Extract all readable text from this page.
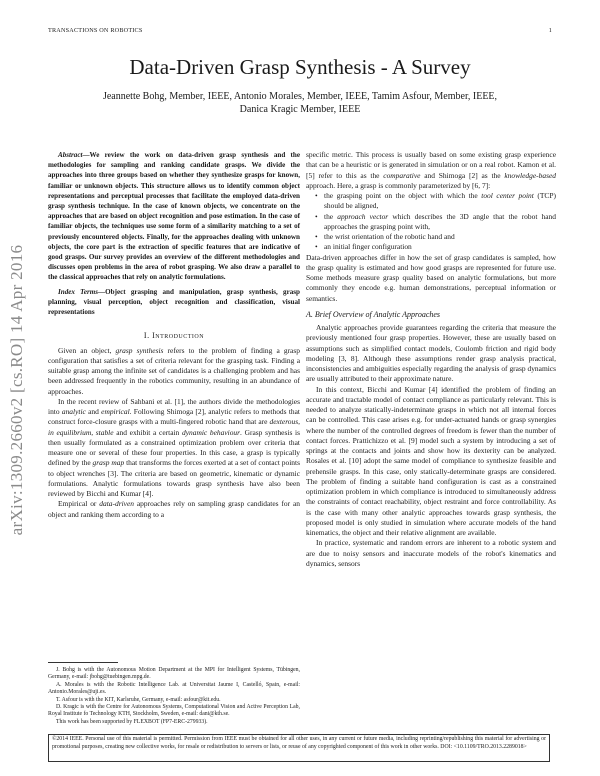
TRANSACTIONS ON ROBOTICS	1
Data-Driven Grasp Synthesis - A Survey
Jeannette Bohg, Member, IEEE, Antonio Morales, Member, IEEE, Tamim Asfour, Member, IEEE,
Danica Kragic Member, IEEE
arXiv:1309.2660v2 [cs.RO] 14 Apr 2016
Abstract—We review the work on data-driven grasp synthesis and the methodologies for sampling and ranking candidate grasps. We divide the approaches into three groups based on whether they synthesize grasps for known, familiar or unknown objects. This structure allows us to identify common object representations and perceptual processes that facilitate the employed data-driven grasp synthesis technique. In the case of known objects, we concentrate on the approaches that are based on object recognition and pose estimation. In the case of familiar objects, the techniques use some form of a similarity matching to a set of previously encountered objects. Finally, for the approaches dealing with unknown objects, the core part is the extraction of specific features that are indicative of good grasps. Our survey provides an overview of the different methodologies and discusses open problems in the area of robot grasping. We also draw a parallel to the classical approaches that rely on analytic formulations.
Index Terms—Object grasping and manipulation, grasp synthesis, grasp planning, visual perception, object recognition and classification, visual representations
I. Introduction

Given an object, grasp synthesis refers to the problem of finding a grasp configuration that satisfies a set of criteria relevant for the grasping task. Finding a suitable grasp among the infinite set of candidates is a challenging problem and has been addressed frequently in the robotics community, resulting in an abundance of approaches.

In the recent review of Sahbani et al. [1], the authors divide the methodologies into analytic and empirical. Following Shimoga [2], analytic refers to methods that construct force-closure grasps with a multi-fingered robotic hand that are dexterous, in equilibrium, stable and exhibit a certain dynamic behaviour. Grasp synthesis is then usually formulated as a constrained optimization problem over criteria that measure one or several of these four properties. In this case, a grasp is typically defined by the grasp map that transforms the forces exerted at a set of contact points to object wrenches [3]. The criteria are based on geometric, kinematic or dynamic formulations. Analytic formulations towards grasp synthesis have also been reviewed by Bicchi and Kumar [4].

Empirical or data-driven approaches rely on sampling grasp candidates for an object and ranking them according to a

J. Bohg is with the Autonomous Motion Department at the MPI for Intelligent Systems, Tübingen, Germany, e-mail: jbohg@tuebingen.mpg.de.

A. Morales is with the Robotic Intelligence Lab. at Universitat Jaume I, Castelló, Spain, e-mail: Antonio.Morales@uji.es.

T. Asfour is with the KIT, Karlsruhe, Germany, e-mail: asfour@kit.edu.

D. Kragic is with the Centre for Autonomous Systems, Computational Vision and Active Perception Lab, Royal Institute fo Technology KTH, Stockholm, Sweden, e-mail: dani@kth.se.

This work has been supported by FLEXBOT (FP7-ERC-279933).

specific metric. This process is usually based on some existing grasp experience that can be a heuristic or is generated in simulation or on a real robot. Kamon et al. [5] refer to this as the comparative and Shimoga [2] as the knowledge-based approach. Here, a grasp is commonly parameterized by [6, 7]:

• the grasping point on the object with which the tool center point (TCP) should be aligned,
• the approach vector which describes the 3D angle that the robot hand approaches the grasping point with,
• the wrist orientation of the robotic hand and
• an initial finger configuration

Data-driven approaches differ in how the set of grasp candidates is sampled, how the grasp quality is estimated and how good grasps are represented for future use. Some methods measure grasp quality based on analytic formulations, but more commonly they encode e.g. human demonstrations, perceptual information or semantics.

A. Brief Overview of Analytic Approaches

Analytic approaches provide guarantees regarding the criteria that measure the previously mentioned four grasp properties. However, these are usually based on assumptions such as simplified contact models, Coulomb friction and rigid body modeling [3, 8]. Although these assumptions render grasp analysis practical, inconsistencies and ambiguities especially regarding the analysis of grasp dynamics are usually attributed to their approximate nature.

In this context, Bicchi and Kumar [4] identified the problem of finding an accurate and tractable model of contact compliance as particularly relevant. This is needed to analyze statically-indeterminate grasps in which not all internal forces can be controlled. This case arises e.g. for under-actuated hands or grasp synergies where the number of the controlled degrees of freedom is fewer than the number of contact forces. Prattichizzo et al. [9] model such a system by introducing a set of springs at the contacts and joints and show how its dexterity can be analyzed. Rosales et al. [10] adopt the same model of compliance to synthesize feasible and prehensile grasps. In this case, only statically-determinate grasps are considered. The problem of finding a suitable hand configuration is cast as a constrained optimization problem in which compliance is introduced to simultaneously address the constraints of contact reachability, object restraint and force controllability. As is the case with many other analytic approaches towards grasp synthesis, the proposed model is only studied in simulation where accurate models of the hand kinematics, the object and their relative alignment are available.

In practice, systematic and random errors are inherent to a robotic system and are due to noisy sensors and inaccurate models of the robot's kinematics and dynamics, sensors

©2014 IEEE. Personal use of this material is permitted. Permission from IEEE must be obtained for all other uses, in any current or future media, including reprinting/republishing this material for advertising or promotional purposes, creating new collective works, for resale or redistribution to servers or lists, or reuse of any copyrighted component of this work in other works. DOI: <10.1109/TRO.2013.2289018>
